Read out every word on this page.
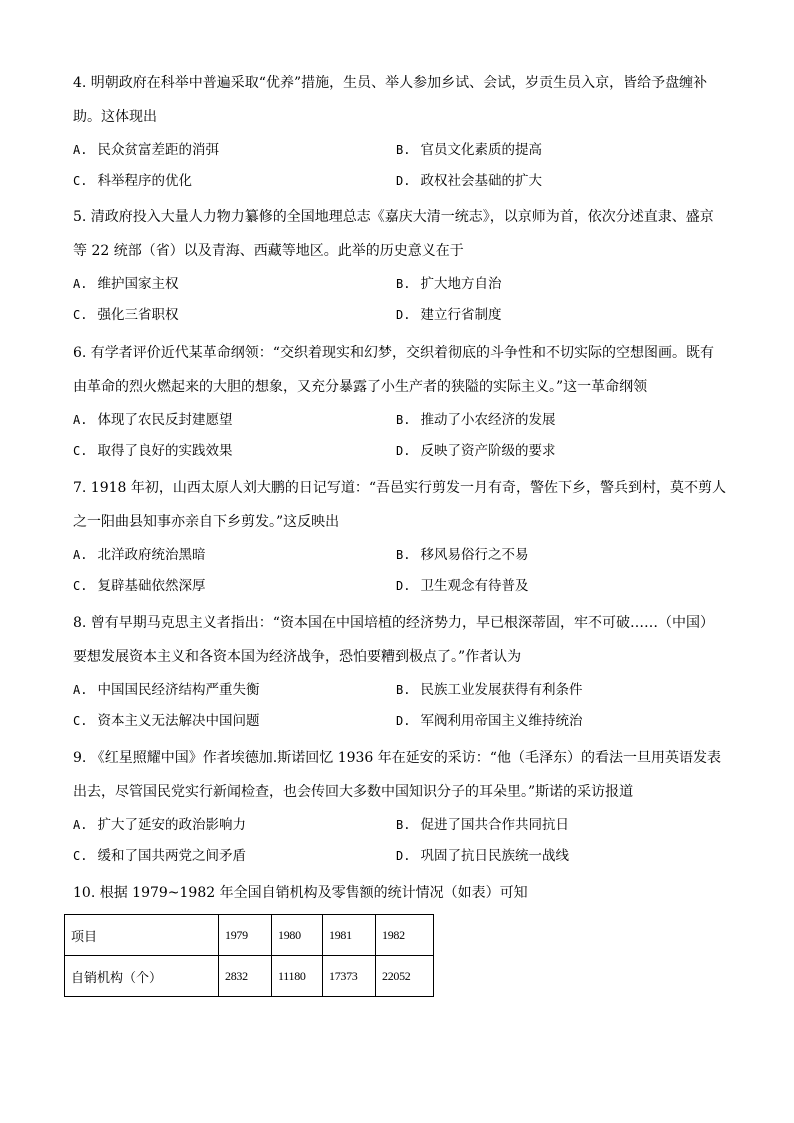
4. 明朝政府在科举中普遍采取“优养”措施，生员、举人参加乡试、会试，岁贡生员入京，皆给予盘缠补
助。这体现出
A. 民众贫富差距的消弭	B. 官员文化素质的提高
C. 科举程序的优化	D. 政权社会基础的扩大
5. 清政府投入大量人力物力纂修的全国地理总志《嘉庆大清一统志》，以京师为首，依次分述直隶、盛京
等 22 统部（省）以及青海、西藏等地区。此举的历史意义在于
A. 维护国家主权	B. 扩大地方自治
C. 强化三省职权	D. 建立行省制度
6. 有学者评价近代某革命纲领：“交织着现实和幻梦，交织着彻底的斗争性和不切实际的空想图画。既有
由革命的烈火燃起来的大胆的想象，又充分暴露了小生产者的狭隘的实际主义。”这一革命纲领
A. 体现了农民反封建愿望	B. 推动了小农经济的发展
C. 取得了良好的实践效果	D. 反映了资产阶级的要求
7. 1918 年初，山西太原人刘大鹏的日记写道：“吾邑实行剪发一月有奇，警佐下乡，警兵到村，莫不剪人
之一阳曲县知事亦亲自下乡剪发。”这反映出
A. 北洋政府统治黑暗	B. 移风易俗行之不易
C. 复辟基础依然深厚	D. 卫生观念有待普及
8. 曾有早期马克思主义者指出：“资本国在中国培植的经济势力，早已根深蒂固，牢不可破……（中国）
要想发展资本主义和各资本国为经济战争，恐怕要糟到极点了。”作者认为
A. 中国国民经济结构严重失衡	B. 民族工业发展获得有利条件
C. 资本主义无法解决中国问题	D. 军阀利用帝国主义维持统治
9. 《红星照耀中国》作者埃德加.斯诺回忆 1936 年在延安的采访：“他（毛泽东）的看法一旦用英语发表
出去，尽管国民党实行新闻检查，也会传回大多数中国知识分子的耳朵里。”斯诺的采访报道
A. 扩大了延安的政治影响力	B. 促进了国共合作共同抗日
C. 缓和了国共两党之间矛盾	D. 巩固了抗日民族统一战线
10. 根据 1979~1982 年全国自销机构及零售额的统计情况（如表）可知
项目	1979	1980	1981	1982
自销机构（个）	2832	11180	17373	22052
